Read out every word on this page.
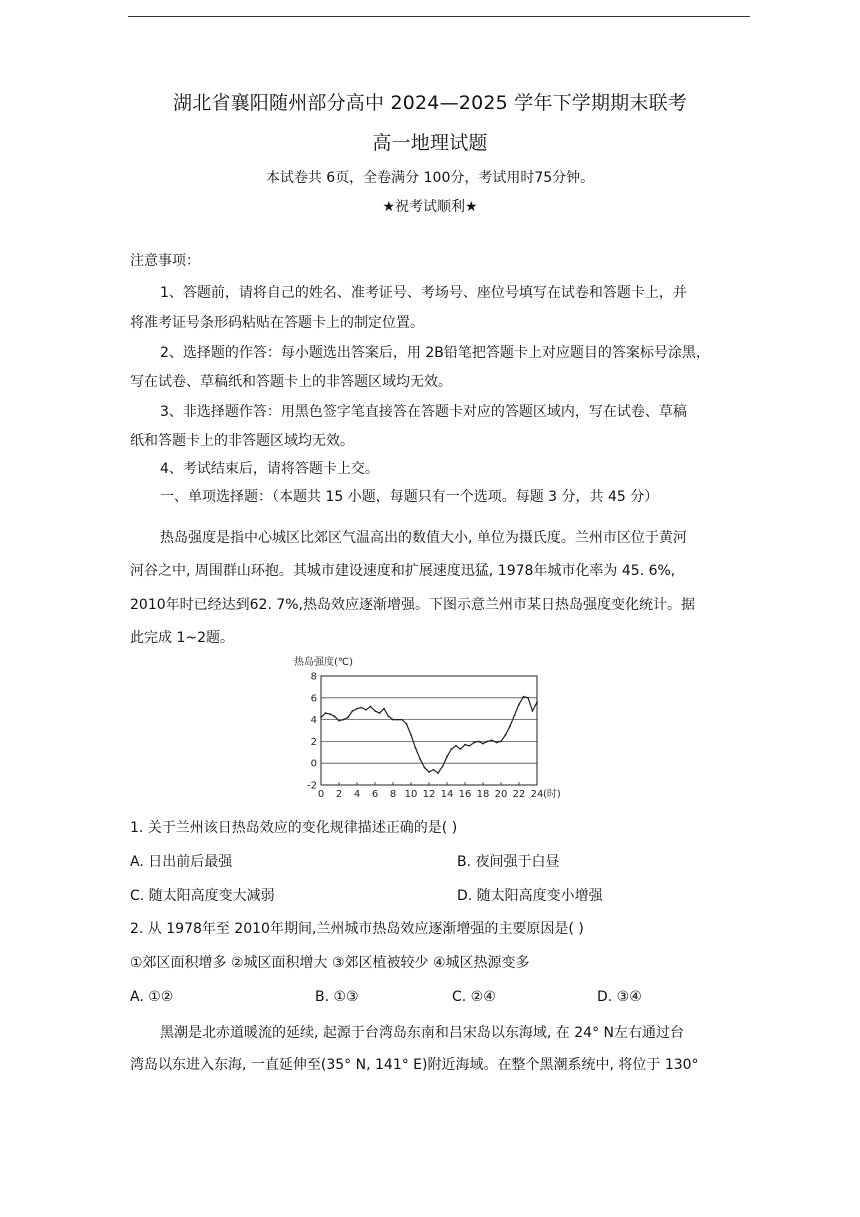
湖北省襄阳随州部分高中 2024—2025 学年下学期期末联考
高一地理试题
本试卷共 6页，全卷满分 100分，考试用时75分钟。
★祝考试顺利★
注意事项：
1、答题前，请将自己的姓名、准考证号、考场号、座位号填写在试卷和答题卡上，并
将准考证号条形码粘贴在答题卡上的制定位置。
2、选择题的作答：每小题选出答案后，用 2B铅笔把答题卡上对应题目的答案标号涂黑，
写在试卷、草稿纸和答题卡上的非答题区域均无效。
3、非选择题作答：用黑色签字笔直接答在答题卡对应的答题区域内，写在试卷、草稿
纸和答题卡上的非答题区域均无效。
4、考试结束后，请将答题卡上交。
一、单项选择题：（本题共 15 小题，每题只有一个选项。每题 3 分，共 45 分）
热岛强度是指中心城区比郊区气温高出的数值大小, 单位为摄氏度。兰州市区位于黄河
河谷之中, 周围群山环抱。其城市建设速度和扩展速度迅猛, 1978年城市化率为 45. 6%,
2010年时已经达到62. 7%,热岛效应逐渐增强。下图示意兰州市某日热岛强度变化统计。据
此完成 1~2题。
热岛强度(℃)
-2
0
2
4
6
8
0 2 4 6 8 10 12 14 16 18 20 22 24 (时)
1. 关于兰州该日热岛效应的变化规律描述正确的是( )
A. 日出前后最强	B. 夜间强于白昼
C. 随太阳高度变大减弱	D. 随太阳高度变小增强
2. 从 1978年至 2010年期间,兰州城市热岛效应逐渐增强的主要原因是( )
①郊区面积增多 ②城区面积增大 ③郊区植被较少 ④城区热源变多
A. ①②	B. ①③	C. ②④	D. ③④
黑潮是北赤道暖流的延续, 起源于台湾岛东南和吕宋岛以东海域, 在 24° N左右通过台
湾岛以东进入东海, 一直延伸至(35° N, 141° E)附近海域。在整个黑潮系统中, 将位于 130°
